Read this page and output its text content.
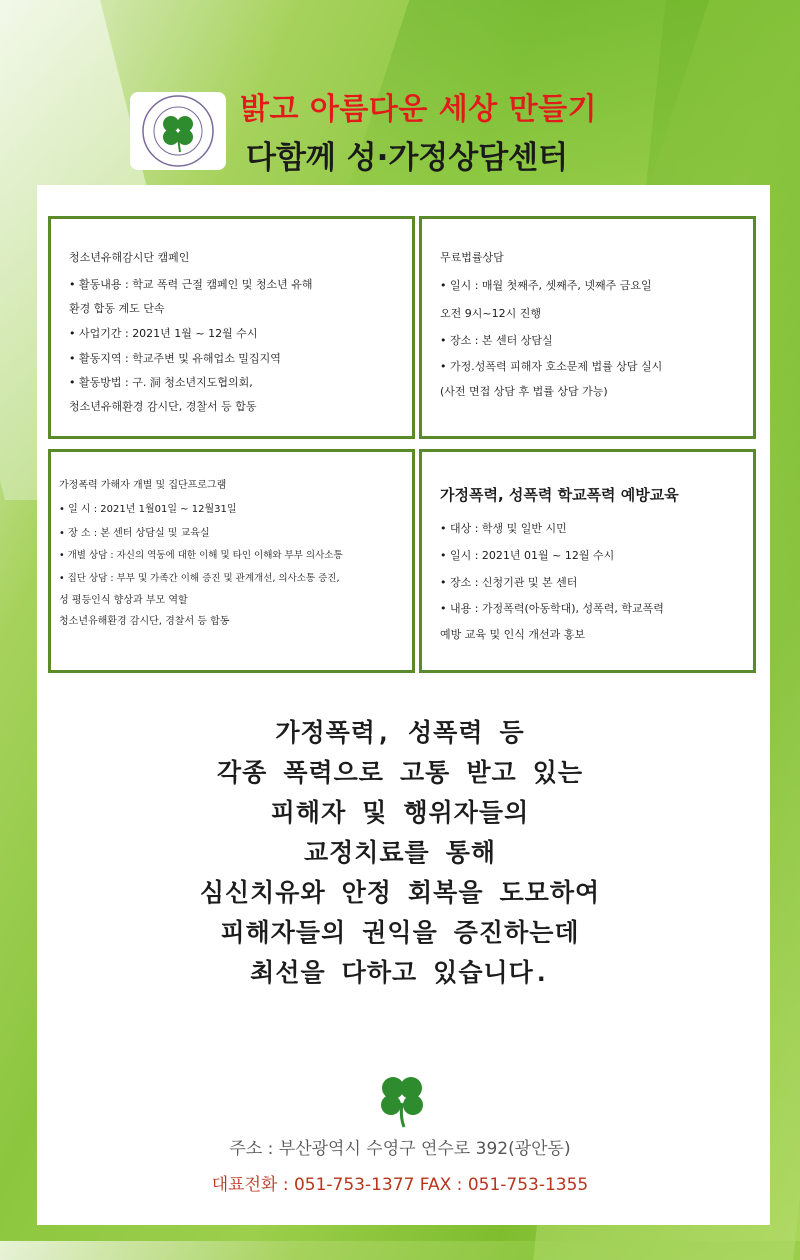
밝고 아름다운 세상 만들기
다함께 성·가정상담센터
청소년유해감시단 캠페인
• 활동내용 : 학교 폭력 근절 캠페인 및 청소년 유해
환경 합동 계도 단속
• 사업기간 : 2021년 1월 ~ 12월 수시
• 활동지역 : 학교주변 및 유해업소 밀집지역
• 활동방법 : 구. 洞 청소년지도협의회,
청소년유해환경 감시단, 경찰서 등 합동
무료법률상담
• 일시 : 매월 첫째주, 셋째주, 넷째주 금요일
오전 9시~12시 진행
• 장소 : 본 센터 상담실
• 가정.성폭력 피해자 호소문제 법률 상담 실시
(사전 면접 상담 후 법률 상담 가능)
가정폭력 가해자 개별 및 집단프로그램
• 일 시 : 2021년 1월01일 ~ 12월31일
• 장 소 : 본 센터 상담실 및 교육실
• 개별 상담 : 자신의 역동에 대한 이해 및 타인 이해와 부부 의사소통
• 집단 상담 : 부부 및 가족간 이해 증진 및 관계개선, 의사소통 증진,
성 평등인식 향상과 부모 역할
청소년유해환경 감시단, 경찰서 등 합동
가정폭력, 성폭력 학교폭력 예방교육
• 대상 : 학생 및 일반 시민
• 일시 : 2021년 01월 ~ 12월 수시
• 장소 : 신청기관 및 본 센터
• 내용 : 가정폭력(아동학대), 성폭력, 학교폭력
예방 교육 및 인식 개선과 홍보
가정폭력, 성폭력 등
각종 폭력으로 고통 받고 있는
피해자 및 행위자들의
교정치료를 통해
심신치유와 안정 회복을 도모하여
피해자들의 권익을 증진하는데
최선을 다하고 있습니다.
주소 : 부산광역시 수영구 연수로 392(광안동)
대표전화 : 051-753-1377 FAX : 051-753-1355
